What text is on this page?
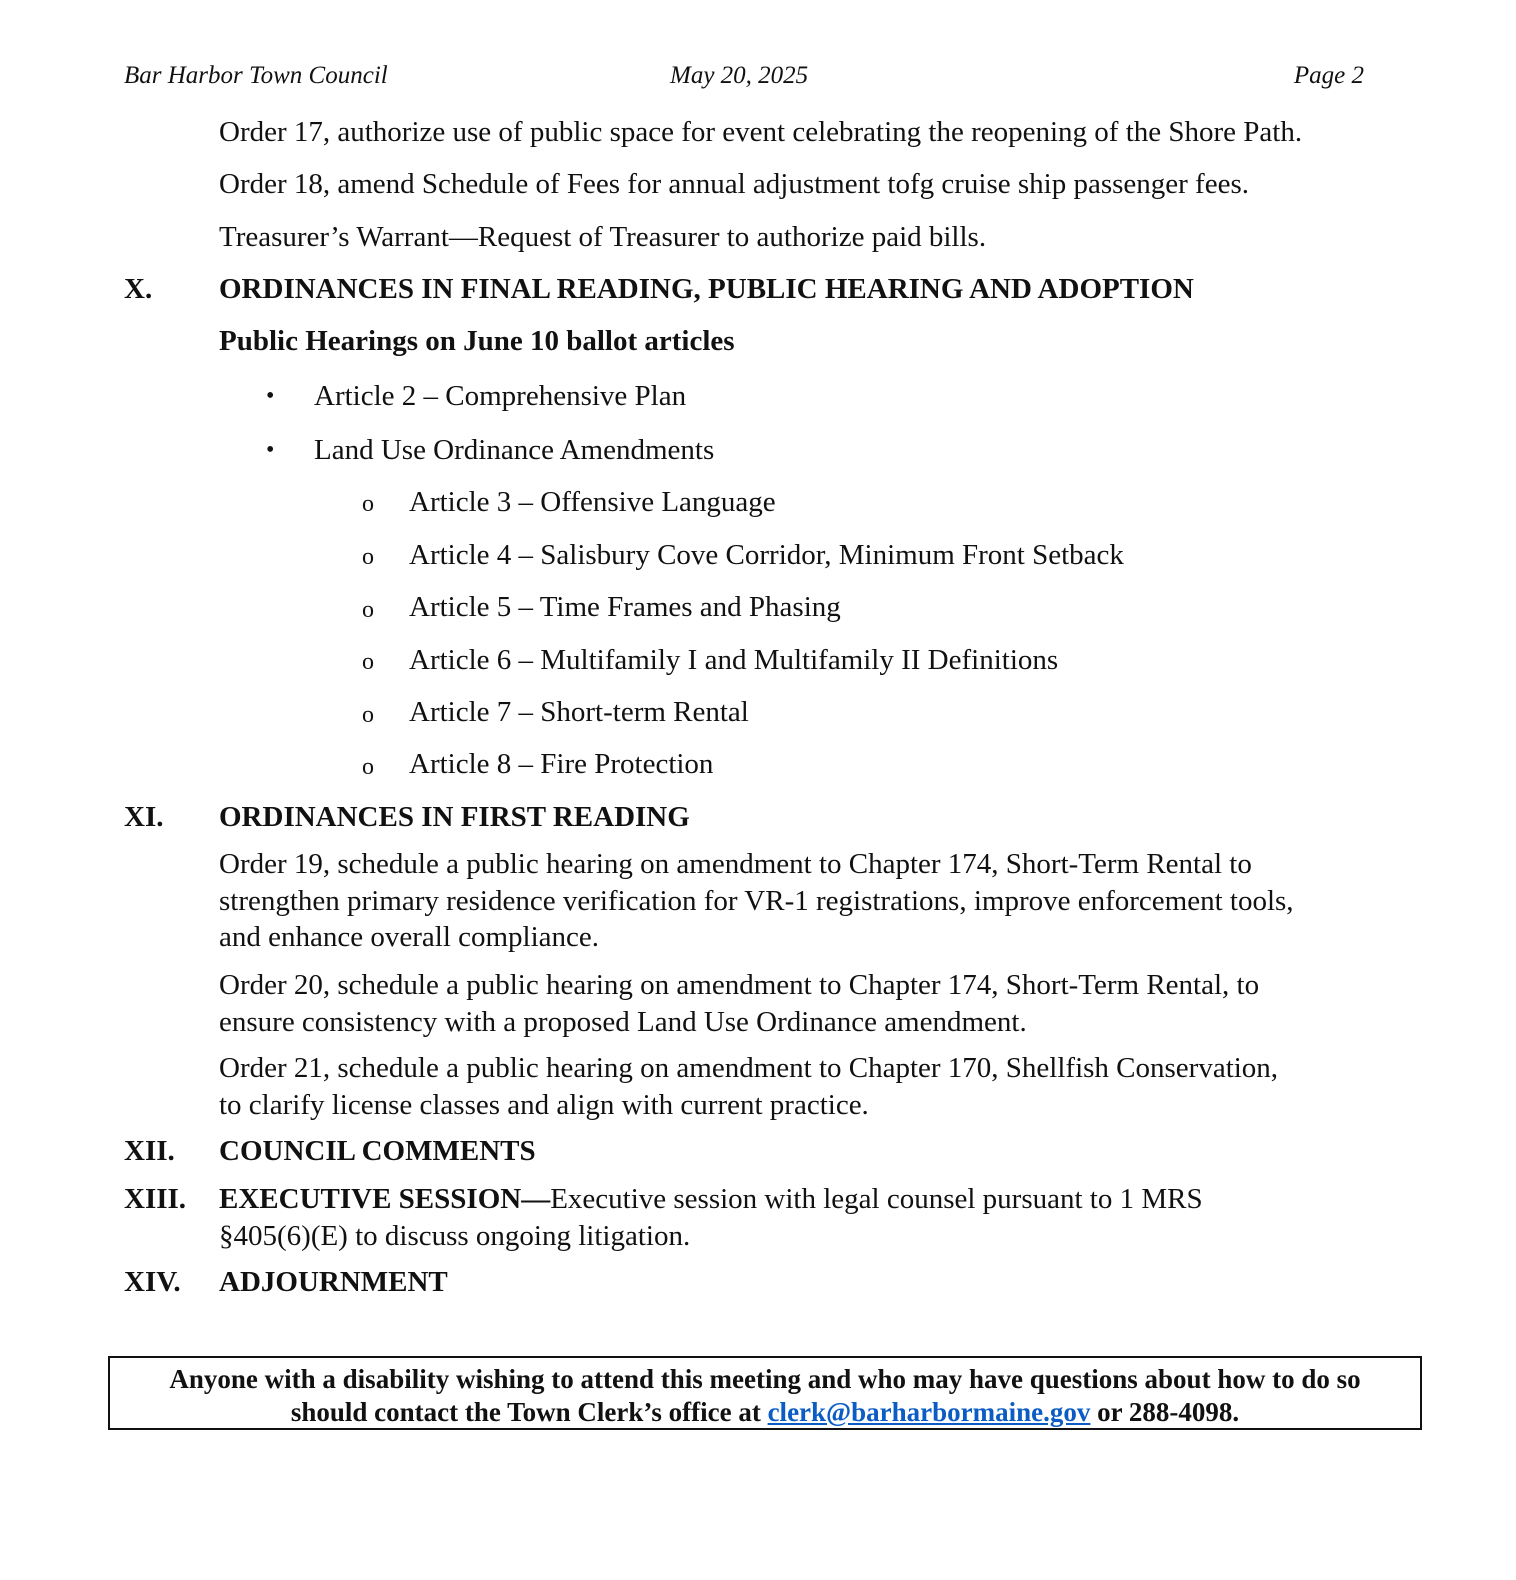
Bar Harbor Town Council	May 20, 2025	Page 2
Order 17, authorize use of public space for event celebrating the reopening of the Shore Path.
Order 18, amend Schedule of Fees for annual adjustment tofg cruise ship passenger fees.
Treasurer’s Warrant—Request of Treasurer to authorize paid bills.
X. ORDINANCES IN FINAL READING, PUBLIC HEARING AND ADOPTION
Public Hearings on June 10 ballot articles
• Article 2 – Comprehensive Plan
• Land Use Ordinance Amendments
o Article 3 – Offensive Language
o Article 4 – Salisbury Cove Corridor, Minimum Front Setback
o Article 5 – Time Frames and Phasing
o Article 6 – Multifamily I and Multifamily II Definitions
o Article 7 – Short-term Rental
o Article 8 – Fire Protection
XI. ORDINANCES IN FIRST READING
Order 19, schedule a public hearing on amendment to Chapter 174, Short-Term Rental to
strengthen primary residence verification for VR-1 registrations, improve enforcement tools,
and enhance overall compliance.
Order 20, schedule a public hearing on amendment to Chapter 174, Short-Term Rental, to
ensure consistency with a proposed Land Use Ordinance amendment.
Order 21, schedule a public hearing on amendment to Chapter 170, Shellfish Conservation,
to clarify license classes and align with current practice.
XII. COUNCIL COMMENTS
XIII. EXECUTIVE SESSION—Executive session with legal counsel pursuant to 1 MRS
§405(6)(E) to discuss ongoing litigation.
XIV. ADJOURNMENT
Anyone with a disability wishing to attend this meeting and who may have questions about how to do so
should contact the Town Clerk’s office at clerk@barharbormaine.gov or 288-4098.
